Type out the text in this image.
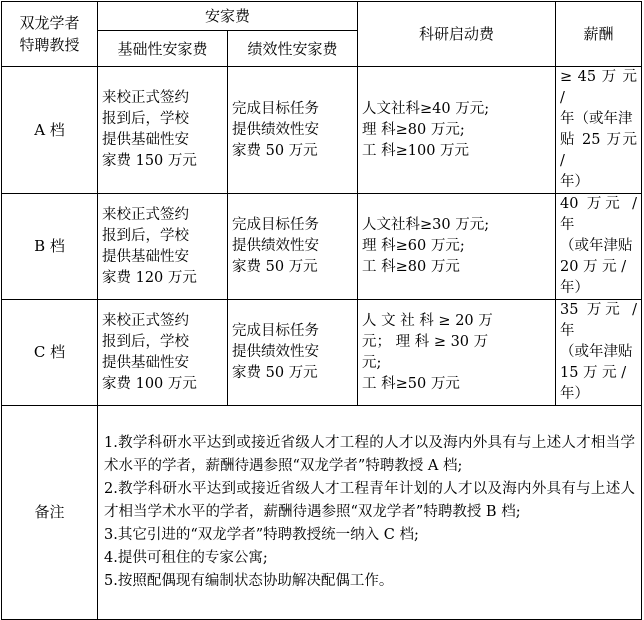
双龙学者
特聘教授	安家费		科研启动费	薪酬
	基础性安家费	绩效性安家费		
A 档	来校正式签约
报到后，学校
提供基础性安
家费 150 万元	完成目标任务
提供绩效性安
家费 50 万元	人文社科≥40 万元;
理 科≥80 万元;
工 科≥100 万元	≥ 45 万 元 /
年（或年津
贴 25 万元 /
年）

B 档	来校正式签约
报到后，学校
提供基础性安
家费 120 万元	完成目标任务
提供绩效性安
家费 50 万元	人文社科≥30 万元;
理 科≥60 万元;
工 科≥80 万元	40 万元 / 年
（或年津贴
20 万 元 /
年）

C 档	来校正式签约
报到后，学校
提供基础性安
家费 100 万元	完成目标任务
提供绩效性安
家费 50 万元	人 文 社 科 ≥ 20 万
元； 理 科 ≥ 30 万
元;
工 科≥50 万元	35 万元 / 年
（或年津贴
15 万 元 /
年）

备注	1.教学科研水平达到或接近省级人才工程的人才以及海内外具有与上述人才相当学术水平的学者，薪酬待遇参照“双龙学者”特聘教授 A 档;
2.教学科研水平达到或接近省级人才工程青年计划的人才以及海内外具有与上述人才相当学术水平的学者，薪酬待遇参照“双龙学者”特聘教授 B 档;
3.其它引进的“双龙学者”特聘教授统一纳入 C 档;
4.提供可租住的专家公寓;
5.按照配偶现有编制状态协助解决配偶工作。			
